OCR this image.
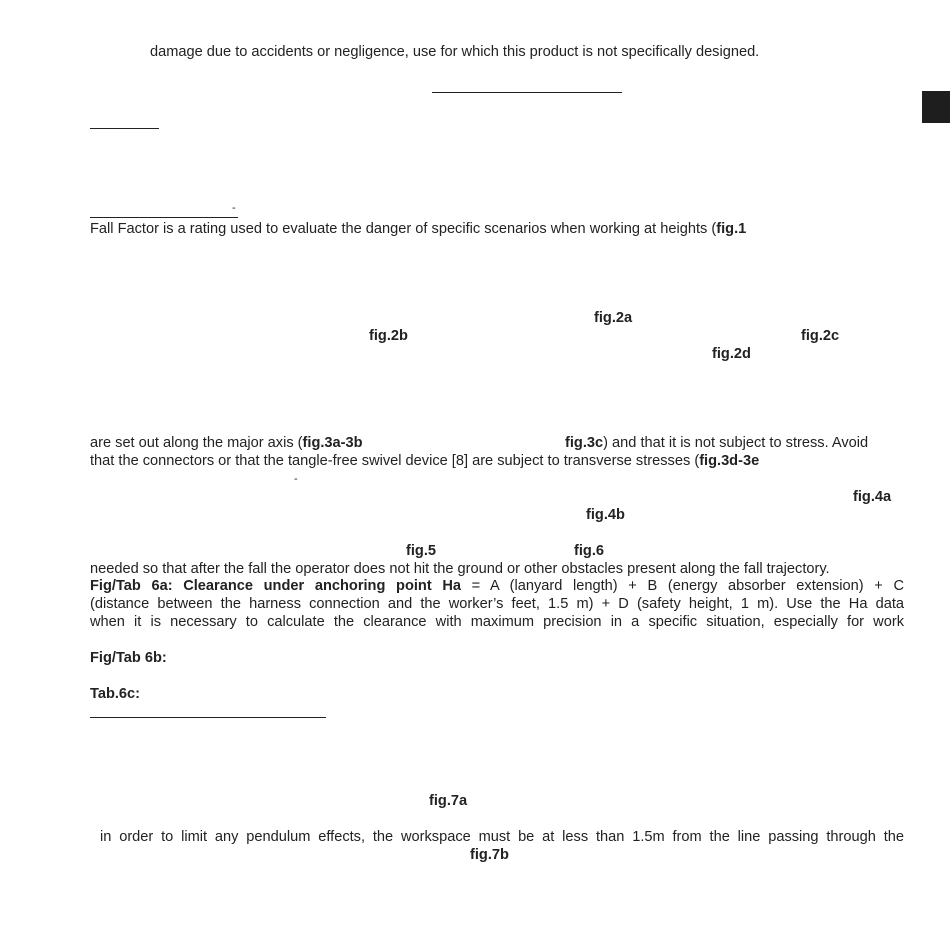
damage due to accidents or negligence, use for which this product is not specifically designed.

-

Fall Factor is a rating used to evaluate the danger of specific scenarios when working at heights (fig.1

fig.2a
fig.2b	fig.2c
fig.2d

are set out along the major axis (fig.3a-3b	fig.3c) and that it is not subject to stress. Avoid

that the connectors or that the tangle-free swivel device [8] are subject to transverse stresses (fig.3d-3e

-
fig.4a
fig.4b
fig.5	fig.6

needed so that after the fall the operator does not hit the ground or other obstacles present along the fall trajectory.

Fig/Tab 6a: Clearance under anchoring point Ha = A (lanyard length) + B (energy absorber extension) + C

(distance between the harness connection and the worker’s feet, 1.5 m) + D (safety height, 1 m). Use the Ha data

when it is necessary to calculate the clearance with maximum precision in a specific situation, especially for work

Fig/Tab 6b:
Tab.6c:
fig.7a

in order to limit any pendulum effects, the workspace must be at less than 1.5m from the line passing through the

fig.7b
